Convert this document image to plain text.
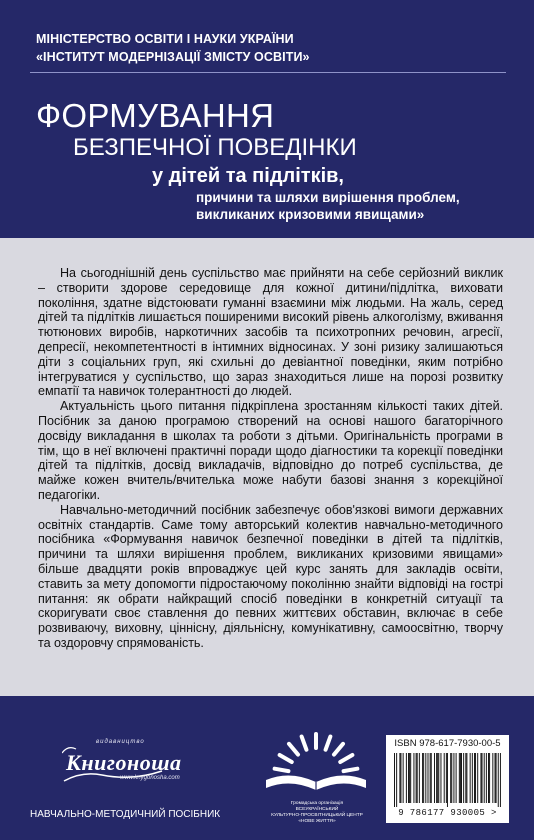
МІНІСТЕРСТВО ОСВІТИ І НАУКИ УКРАЇНИ
«ІНСТИТУТ МОДЕРНІЗАЦІЇ ЗМІСТУ ОСВІТИ»
ФОРМУВАННЯ
БЕЗПЕЧНОЇ ПОВЕДІНКИ
у дітей та підлітків,
причини та шляхи вирішення проблем,
викликаних кризовими явищами»

На сьогоднішній день суспільство має прийняти на себе серйозний виклик – створити здорове середовище для кожної дитини/підлітка, виховати покоління, здатне відстоювати гуманні взаємини між людьми. На жаль, серед дітей та підлітків лишається поширеними високий рівень алкоголізму, вживання тютюнових виробів, наркотичних засобів та психотропних речовин, агресії, депресії, некомпетентності в інтимних відносинах. У зоні ризику залишаються діти з соціальних груп, які схильні до девіантної поведінки, яким потрібно інтегруватися у суспільство, що зараз знаходиться лише на порозі розвитку емпатії та навичок толерантності до людей.

Актуальність цього питання підкріплена зростанням кількості таких дітей. Посібник за даною програмою створений на основі нашого багаторічного досвіду викладання в школах та роботи з дітьми. Оригінальність програми в тім, що в неї включені практичні поради щодо діагностики та корекції поведінки дітей та підлітків, досвід викладачів, відповідно до потреб суспільства, де майже кожен вчитель/вчителька може набути базові знання з корекційної педагогіки.

Навчально-методичний посібник забезпечує обов'язкові вимоги державних освітніх стандартів. Саме тому авторський колектив навчально-методичного посібника «Формування навичок безпечної поведінки в дітей та підлітків, причини та шляхи вирішення проблем, викликаних кризовими явищами» більше двадцяти років впроваджує цей курс занять для закладів освіти, ставить за мету допомогти підростаючому поколінню знайти відповіді на гострі питання: як обрати найкращий спосіб поведінки в конкретній ситуації та скоригувати своє ставлення до певних життєвих обставин, включає в себе розвиваючу, виховну, ціннісну, діяльнісну, комунікативну, самоосвітню, творчу та оздоровчу спрямованість.

видавництво
Книгоноша
www.knygonosha.com
Громадська організація
ВСЕУКРАЇНСЬКИЙ
КУЛЬТУРНО-ПРОСВІТНИЦЬКИЙ ЦЕНТР
«НОВЕ ЖИТТЯ»
НАВЧАЛЬНО-МЕТОДИЧНИЙ ПОСІБНИК
ISBN 978-617-7930-00-5
9 786177 930005 >
